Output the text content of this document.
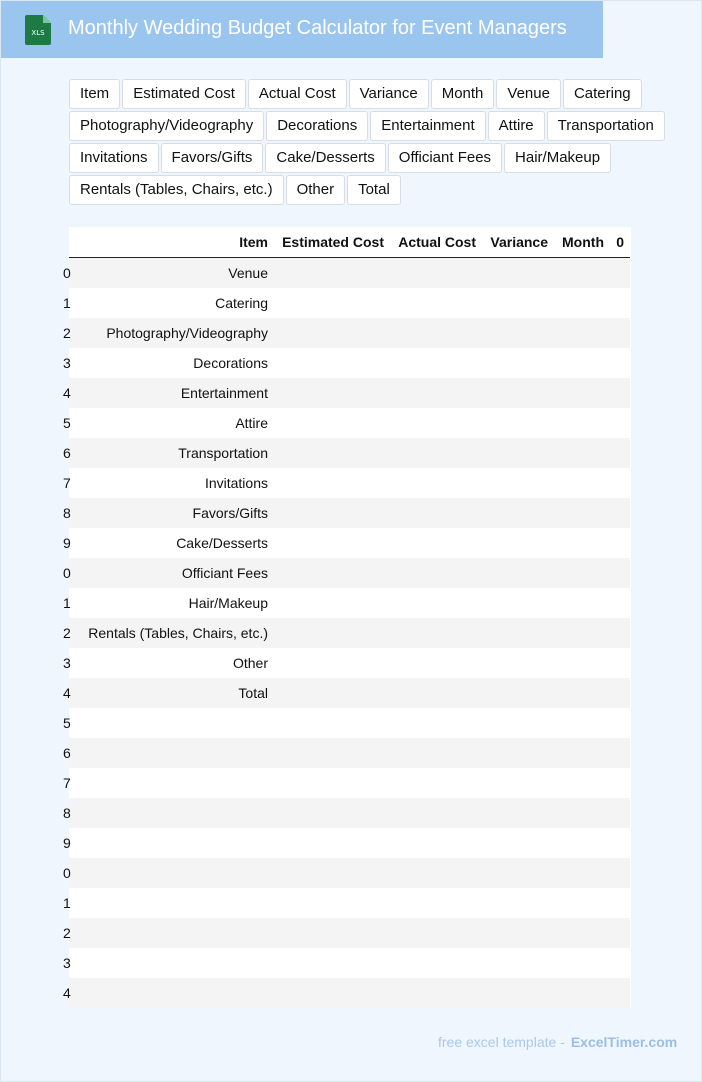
XLS Monthly Wedding Budget Calculator for Event Managers
Item	Estimated Cost	Actual Cost	Variance	Month	Venue	Catering
Photography/Videography	Decorations	Entertainment	Attire	Transportation
Invitations	Favors/Gifts	Cake/Desserts	Officiant Fees	Hair/Makeup
Rentals (Tables, Chairs, etc.)	Other	Total
	Item	Estimated Cost	Actual Cost	Variance	Month	0
0	Venue					
1	Catering					
2	Photography/Videography					
3	Decorations					
4	Entertainment					
5	Attire					
6	Transportation					
7	Invitations					
8	Favors/Gifts					
9	Cake/Desserts					
0	Officiant Fees					
1	Hair/Makeup					
2	Rentals (Tables, Chairs, etc.)					
3	Other					
4	Total					
5						
6						
7						
8						
9						
0						
1						
2						
3						
4						
free excel template - ExcelTimer.com
